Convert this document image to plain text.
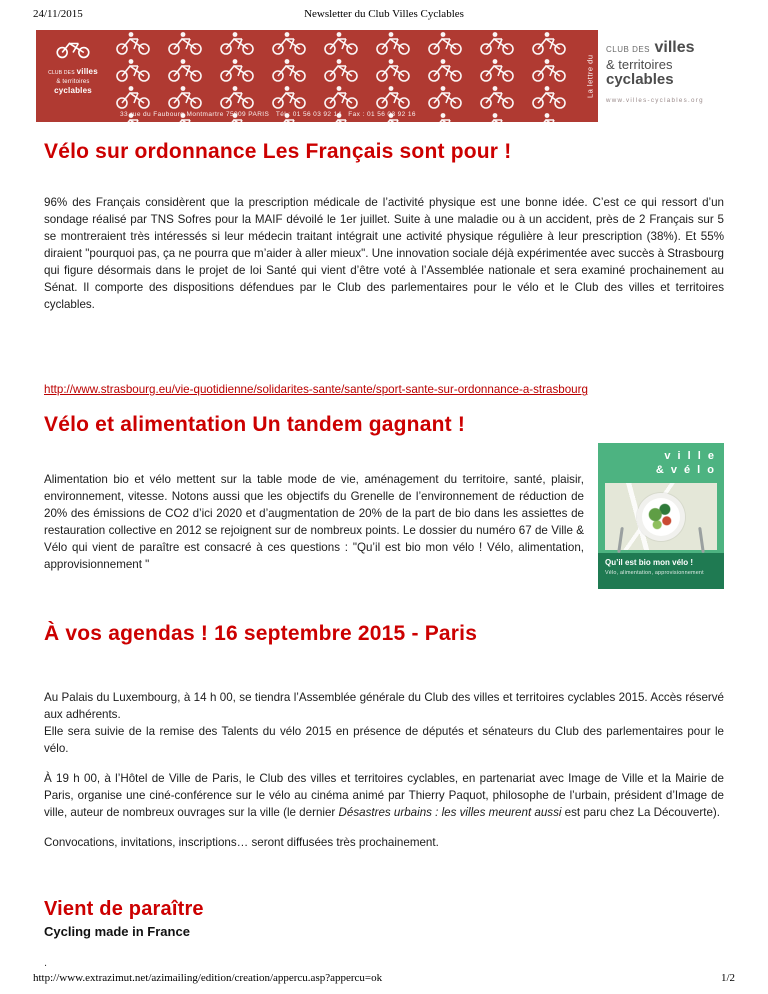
24/11/2015	Newsletter du Club Villes Cyclables
CLUB DES villes
& territoires
cyclables
33 rue du Faubourg Montmartre 75009 PARIS   Tél : 01 56 03 92 14   Fax : 01 56 03 92 16
La lettre du
CLUB DES villes
& territoires
cyclables
www.villes-cyclables.org
Vélo sur ordonnance Les Français sont pour !

96% des Français considèrent que la prescription médicale de l’activité physique est une bonne idée. C’est ce qui ressort d’un sondage réalisé par TNS Sofres pour la MAIF dévoilé le 1er juillet. Suite à une maladie ou à un accident, près de 2 Français sur 5 se montreraient très intéressés si leur médecin traitant intégrait une activité physique régulière à leur prescription (38%). Et 55% diraient "pourquoi pas, ça ne pourra que m’aider à aller mieux". Une innovation sociale déjà expérimentée avec succès à Strasbourg qui figure désormais dans le projet de loi Santé qui vient d’être voté à l’Assemblée nationale et sera examiné prochainement au Sénat. Il comporte des dispositions défendues par le Club des parlementaires pour le vélo et le Club des villes et territoires cyclables.

http://www.strasbourg.eu/vie-quotidienne/solidarites-sante/sante/sport-sante-sur-ordonnance-a-strasbourg
Vélo et alimentation Un tandem gagnant !

Alimentation bio et vélo mettent sur la table mode de vie, aménagement du territoire, santé, plaisir, environnement, vitesse. Notons aussi que les objectifs du Grenelle de l’environnement de réduction de 20% des émissions de CO2 d’ici 2020 et d’augmentation de 20% de la part de bio dans les assiettes de restauration collective en 2012 se rejoignent sur de nombreux points. Le dossier du numéro 67 de Ville & Vélo qui vient de paraître est consacré à ces questions : "Qu’il est bio mon vélo ! Vélo, alimentation, approvisionnement "

v i l l e
& v é l o
Qu’il est bio mon vélo !
Vélo, alimentation, approvisionnement
À vos agendas ! 16 septembre 2015 - Paris

Au Palais du Luxembourg, à 14 h 00, se tiendra l’Assemblée générale du Club des villes et territoires cyclables 2015. Accès réservé aux adhérents.
Elle sera suivie de la remise des Talents du vélo 2015 en présence de députés et sénateurs du Club des parlementaires pour le vélo.

À 19 h 00, à l’Hôtel de Ville de Paris, le Club des villes et territoires cyclables, en partenariat avec Image de Ville et la Mairie de Paris, organise une ciné-conférence sur le vélo au cinéma animé par Thierry Paquot, philosophe de l’urbain, président d’Image de ville, auteur de nombreux ouvrages sur la ville (le dernier Désastres urbains : les villes meurent aussi est paru chez La Découverte).

Convocations, invitations, inscriptions… seront diffusées très prochainement.

Vient de paraître
Cycling made in France
.
http://www.extrazimut.net/azimailing/edition/creation/appercu.asp?appercu=ok	1/2
